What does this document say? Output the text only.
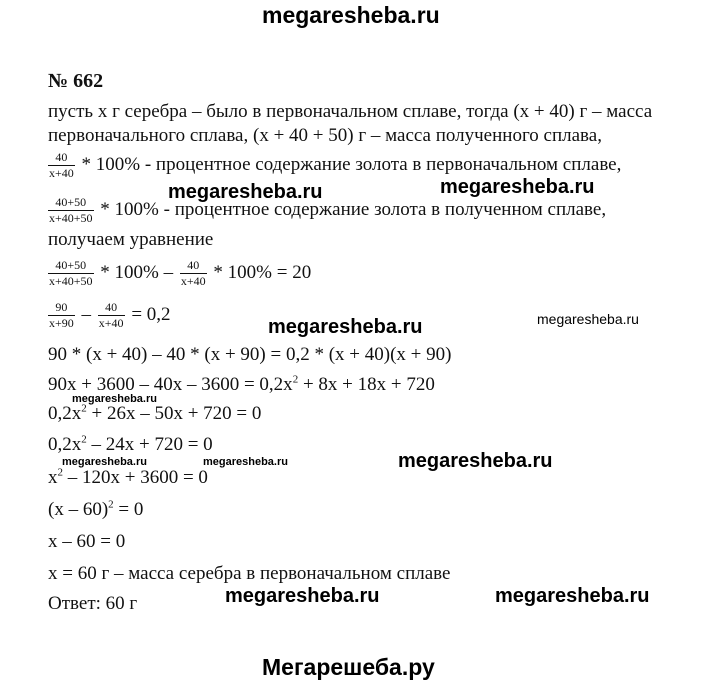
megaresheba.ru
№ 662
пусть х г серебра – было в первоначальном сплаве, тогда (x + 40) г – масса
первоначального сплава, (x + 40 + 50) г – масса полученного сплава,
$\frac{40}{x+40} * 100\%$ - процентное содержание золота в первоначальном сплаве,
$\frac{40+50}{x+40+50} * 100\%$ - процентное содержание золота в полученном сплаве,
получаем уравнение
$\frac{40+50}{x+40+50} * 100\% - \frac{40}{x+40} * 100\% = 20$
$\frac{90}{x+90} - \frac{40}{x+40} = 0,2$
90 * (x + 40) – 40 * (x + 90) = 0,2 * (x + 40)(x + 90)
$90x + 3600 - 40x - 3600 = 0,2x^2 + 8x + 18x + 720$
$0,2x^2 + 26x - 50x + 720 = 0$
$0,2x^2 - 24x + 720 = 0$
$x^2 - 120x + 3600 = 0$
(x – 60)$^2$ = 0
x – 60 = 0
x = 60 г – масса серебра в первоначальном сплаве
Ответ: 60 г
megaresheba.ru	megaresheba.ru
megaresheba.ru	megaresheba.ru
megaresheba.ru
megaresheba.ru	megaresheba.ru	megaresheba.ru
megaresheba.ru	megaresheba.ru
Мегарешеба.ру
